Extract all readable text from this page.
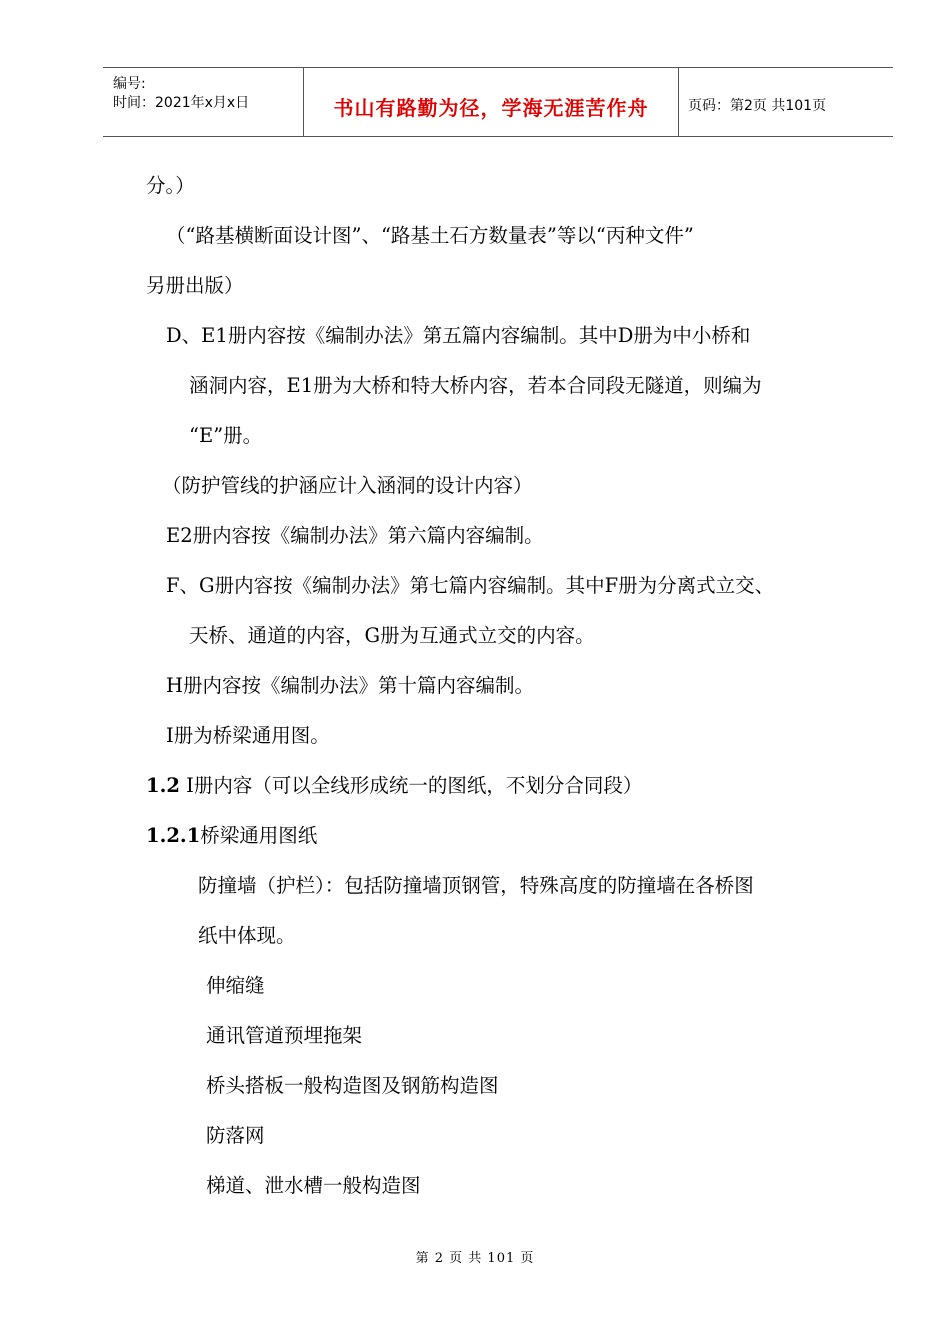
编号:
时间：2021年x月x日	书山有路勤为径，学海无涯苦作舟	页码：第2页 共101页
分。）
（“路基横断面设计图”、“路基土石方数量表”等以“丙种文件”
另册出版）
D、E1册内容按《编制办法》第五篇内容编制。其中D册为中小桥和
涵洞内容，E1册为大桥和特大桥内容，若本合同段无隧道，则编为
“E”册。
（防护管线的护涵应计入涵洞的设计内容）
E2册内容按《编制办法》第六篇内容编制。
F、G册内容按《编制办法》第七篇内容编制。其中F册为分离式立交、
天桥、通道的内容，G册为互通式立交的内容。
H册内容按《编制办法》第十篇内容编制。
I册为桥梁通用图。
1.2 I册内容（可以全线形成统一的图纸，不划分合同段）
1.2.1桥梁通用图纸
防撞墙（护栏）：包括防撞墙顶钢管，特殊高度的防撞墙在各桥图
纸中体现。
伸缩缝
通讯管道预埋拖架
桥头搭板一般构造图及钢筋构造图
防落网
梯道、泄水槽一般构造图
第 2 页 共 101 页
